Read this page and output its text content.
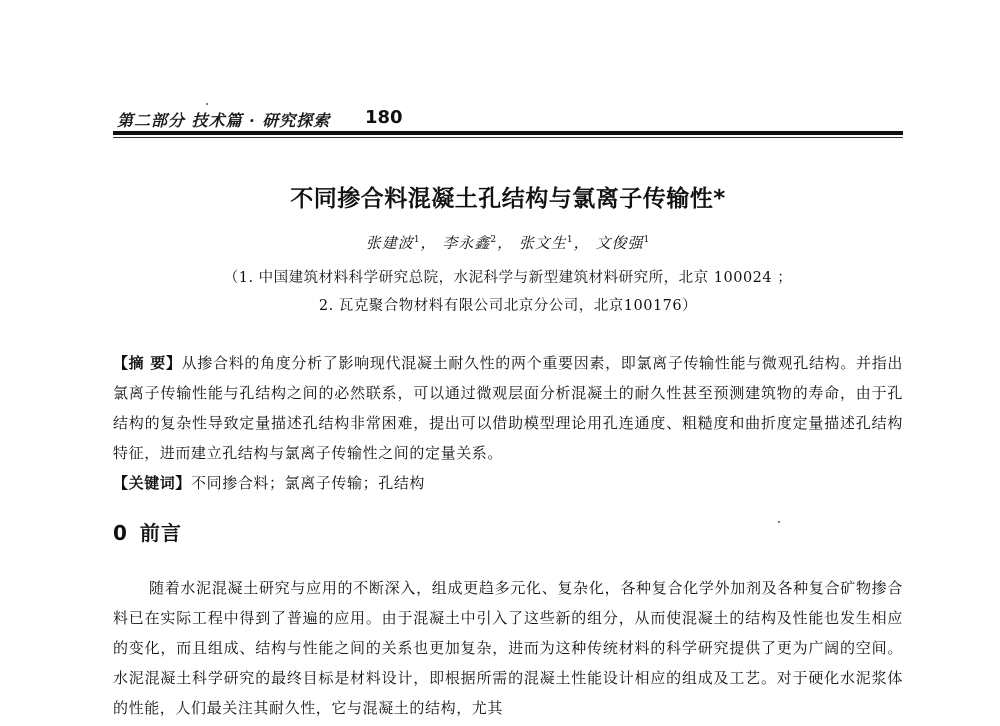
第二部分 技术篇 · 研究探索 180
不同掺合料混凝土孔结构与氯离子传输性*
张建波$^1$， 李永鑫$^2$， 张文生$^1$， 文俊强$^1$
（1. 中国建筑材料科学研究总院，水泥科学与新型建筑材料研究所，北京 100024 ；
2. 瓦克聚合物材料有限公司北京分公司，北京100176）
【摘 要】从掺合料的角度分析了影响现代混凝土耐久性的两个重要因素，即氯离子传输性能与微观孔结构。并指出氯离子传输性能与孔结构之间的必然联系，可以通过微观层面分析混凝土的耐久性甚至预测建筑物的寿命，由于孔结构的复杂性导致定量描述孔结构非常困难，提出可以借助模型理论用孔连通度、粗糙度和曲折度定量描述孔结构特征，进而建立孔结构与氯离子传输性之间的定量关系。
【关键词】不同掺合料；氯离子传输；孔结构
0 前言
随着水泥混凝土研究与应用的不断深入，组成更趋多元化、复杂化，各种复合化学外加剂及各种复合矿物掺合料已在实际工程中得到了普遍的应用。由于混凝土中引入了这些新的组分，从而使混凝土的结构及性能也发生相应的变化，而且组成、结构与性能之间的关系也更加复杂，进而为这种传统材料的科学研究提供了更为广阔的空间。水泥混凝土科学研究的最终目标是材料设计，即根据所需的混凝土性能设计相应的组成及工艺。对于硬化水泥浆体的性能，人们最关注其耐久性，它与混凝土的结构，尤其
